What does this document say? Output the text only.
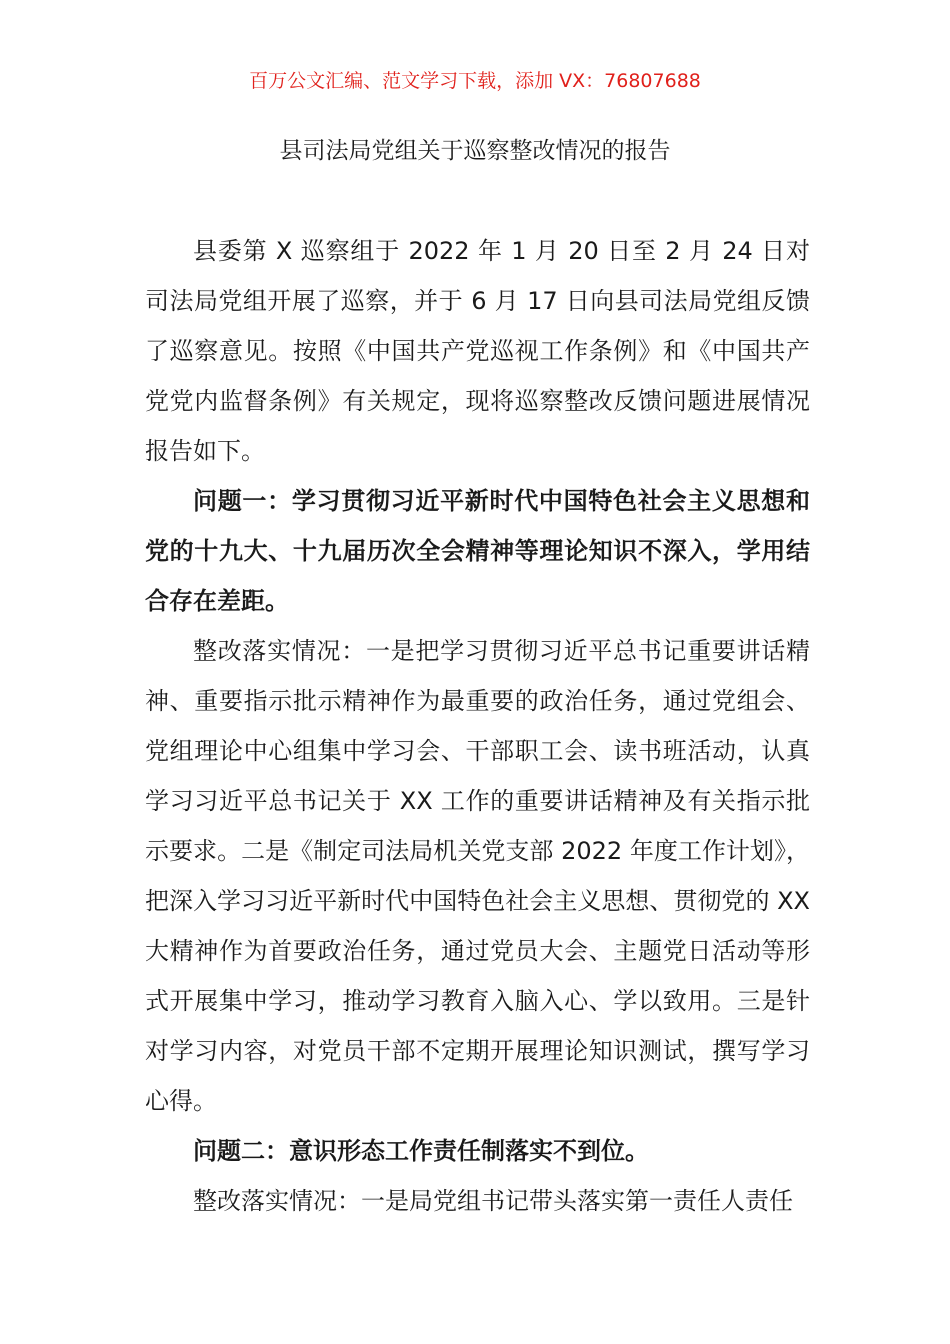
百万公文汇编、范文学习下载，添加 VX：76807688
县司法局党组关于巡察整改情况的报告

县委第 X 巡察组于 2022 年 1 月 20 日至 2 月 24 日对司法局党组开展了巡察，并于 6 月 17 日向县司法局党组反馈了巡察意见。按照《中国共产党巡视工作条例》和《中国共产党党内监督条例》有关规定，现将巡察整改反馈问题进展情况报告如下。

问题一：学习贯彻习近平新时代中国特色社会主义思想和党的十九大、十九届历次全会精神等理论知识不深入，学用结合存在差距。

整改落实情况：一是把学习贯彻习近平总书记重要讲话精神、重要指示批示精神作为最重要的政治任务，通过党组会、党组理论中心组集中学习会、干部职工会、读书班活动，认真学习习近平总书记关于 XX 工作的重要讲话精神及有关指示批示要求。二是《制定司法局机关党支部 2022 年度工作计划》，把深入学习习近平新时代中国特色社会主义思想、贯彻党的 XX 大精神作为首要政治任务，通过党员大会、主题党日活动等形式开展集中学习，推动学习教育入脑入心、学以致用。三是针对学习内容，对党员干部不定期开展理论知识测试，撰写学习心得。

问题二：意识形态工作责任制落实不到位。

整改落实情况：一是局党组书记带头落实第一责任人责任
